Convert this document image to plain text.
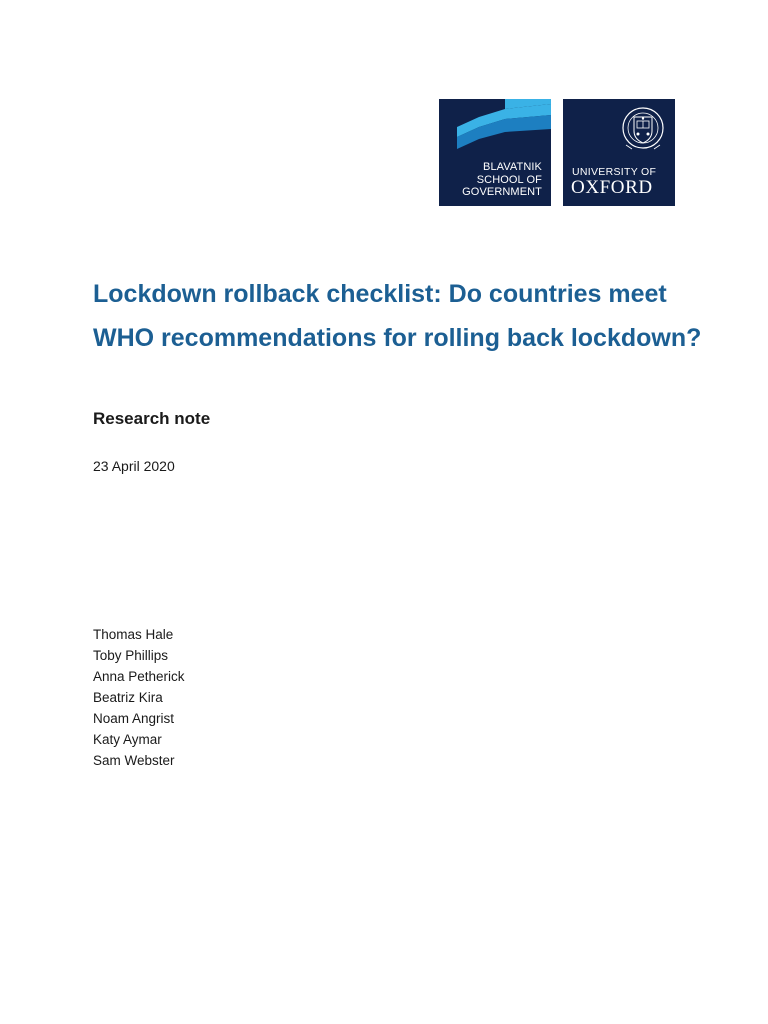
BLAVATNIK
SCHOOL OF
GOVERNMENT
UNIVERSITY OF
OXFORD
Lockdown rollback checklist: Do countries meet
WHO recommendations for rolling back lockdown?
Research note
23 April 2020
Thomas Hale
Toby Phillips
Anna Petherick
Beatriz Kira
Noam Angrist
Katy Aymar
Sam Webster
